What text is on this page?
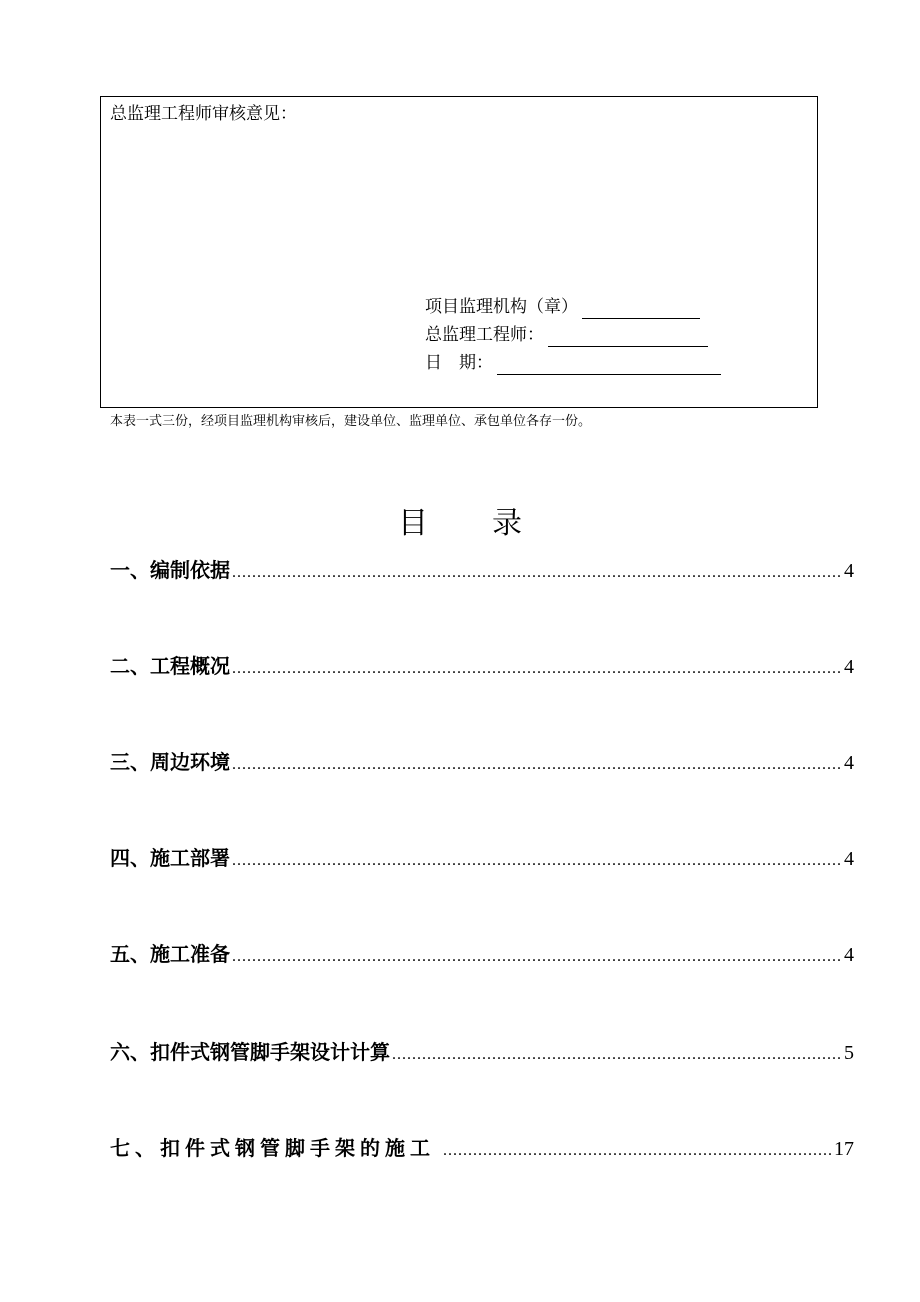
总监理工程师审核意见：
项目监理机构（章）
总监理工程师：
日　期：
本表一式三份，经项目监理机构审核后，建设单位、监理单位、承包单位各存一份。
目 录
一、编制依据 .....	4
二、工程概况 .....	4
三、周边环境 .....	4
四、施工部署 .....	4
五、施工准备 .....	4
六、扣件式钢管脚手架设计计算 .....	5
七、扣件式钢管脚手架的施工 .....	17
